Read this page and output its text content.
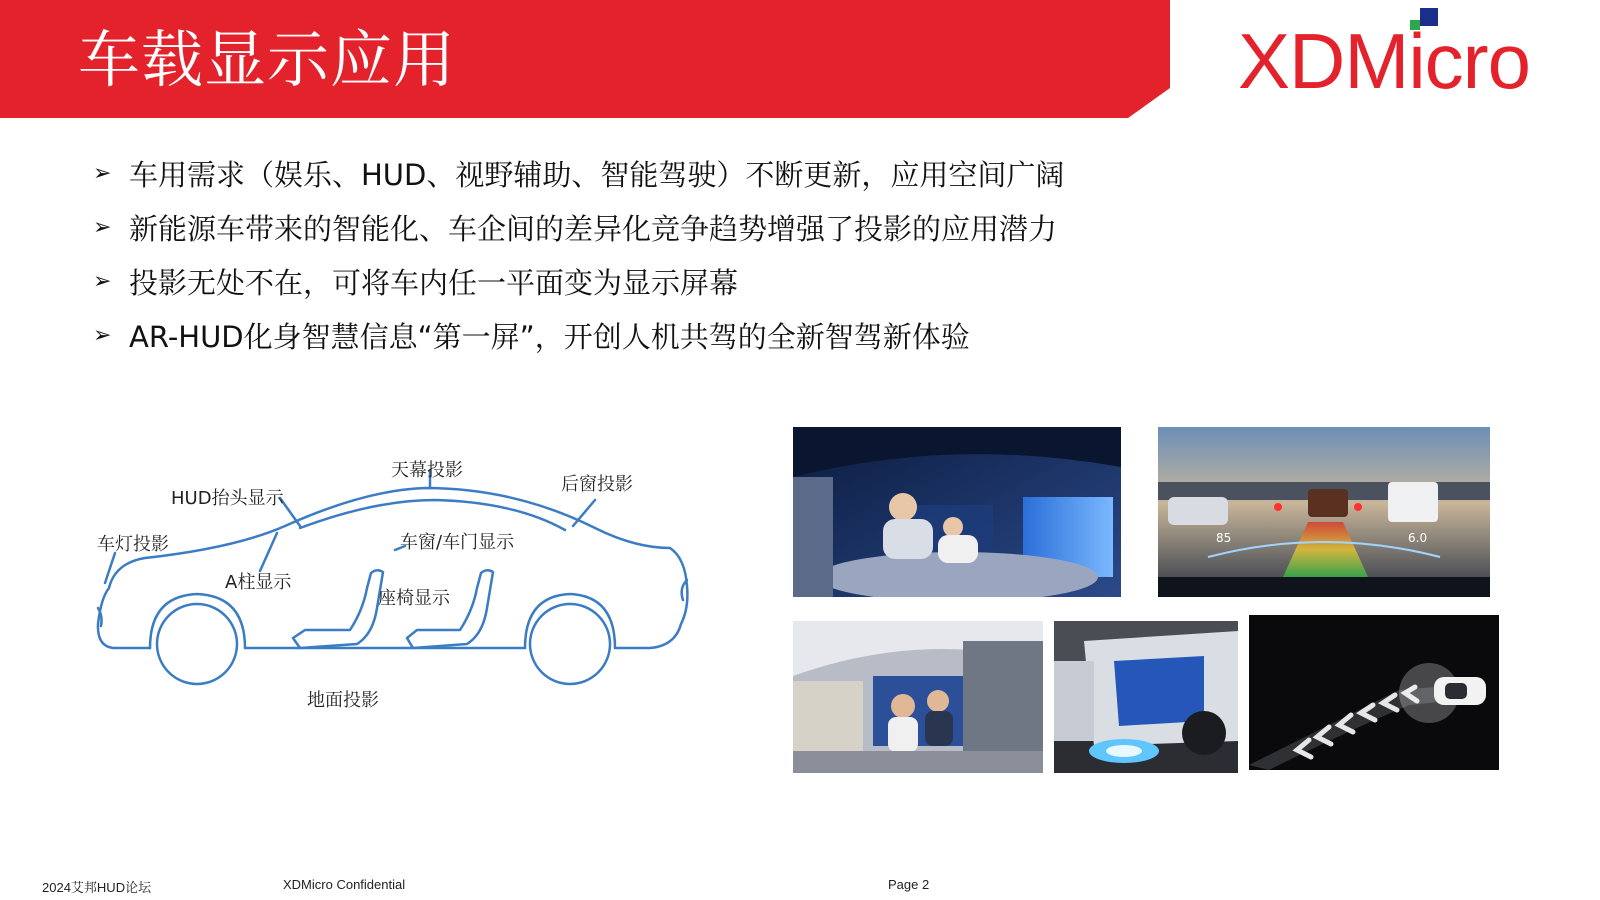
车载显示应用	XDMicro
➢ 车用需求（娱乐、HUD、视野辅助、智能驾驶）不断更新，应用空间广阔
➢ 新能源车带来的智能化、车企间的差异化竞争趋势增强了投影的应用潜力
➢ 投影无处不在，可将车内任一平面变为显示屏幕
➢ AR-HUD化身智慧信息“第一屏”，开创人机共驾的全新智驾新体验
HUD抬头显示
天幕投影
后窗投影
车灯投影
A柱显示
车窗/车门显示
座椅显示
地面投影
85	6.0
2024艾邦HUD论坛	XDMicro Confidential	Page 2
